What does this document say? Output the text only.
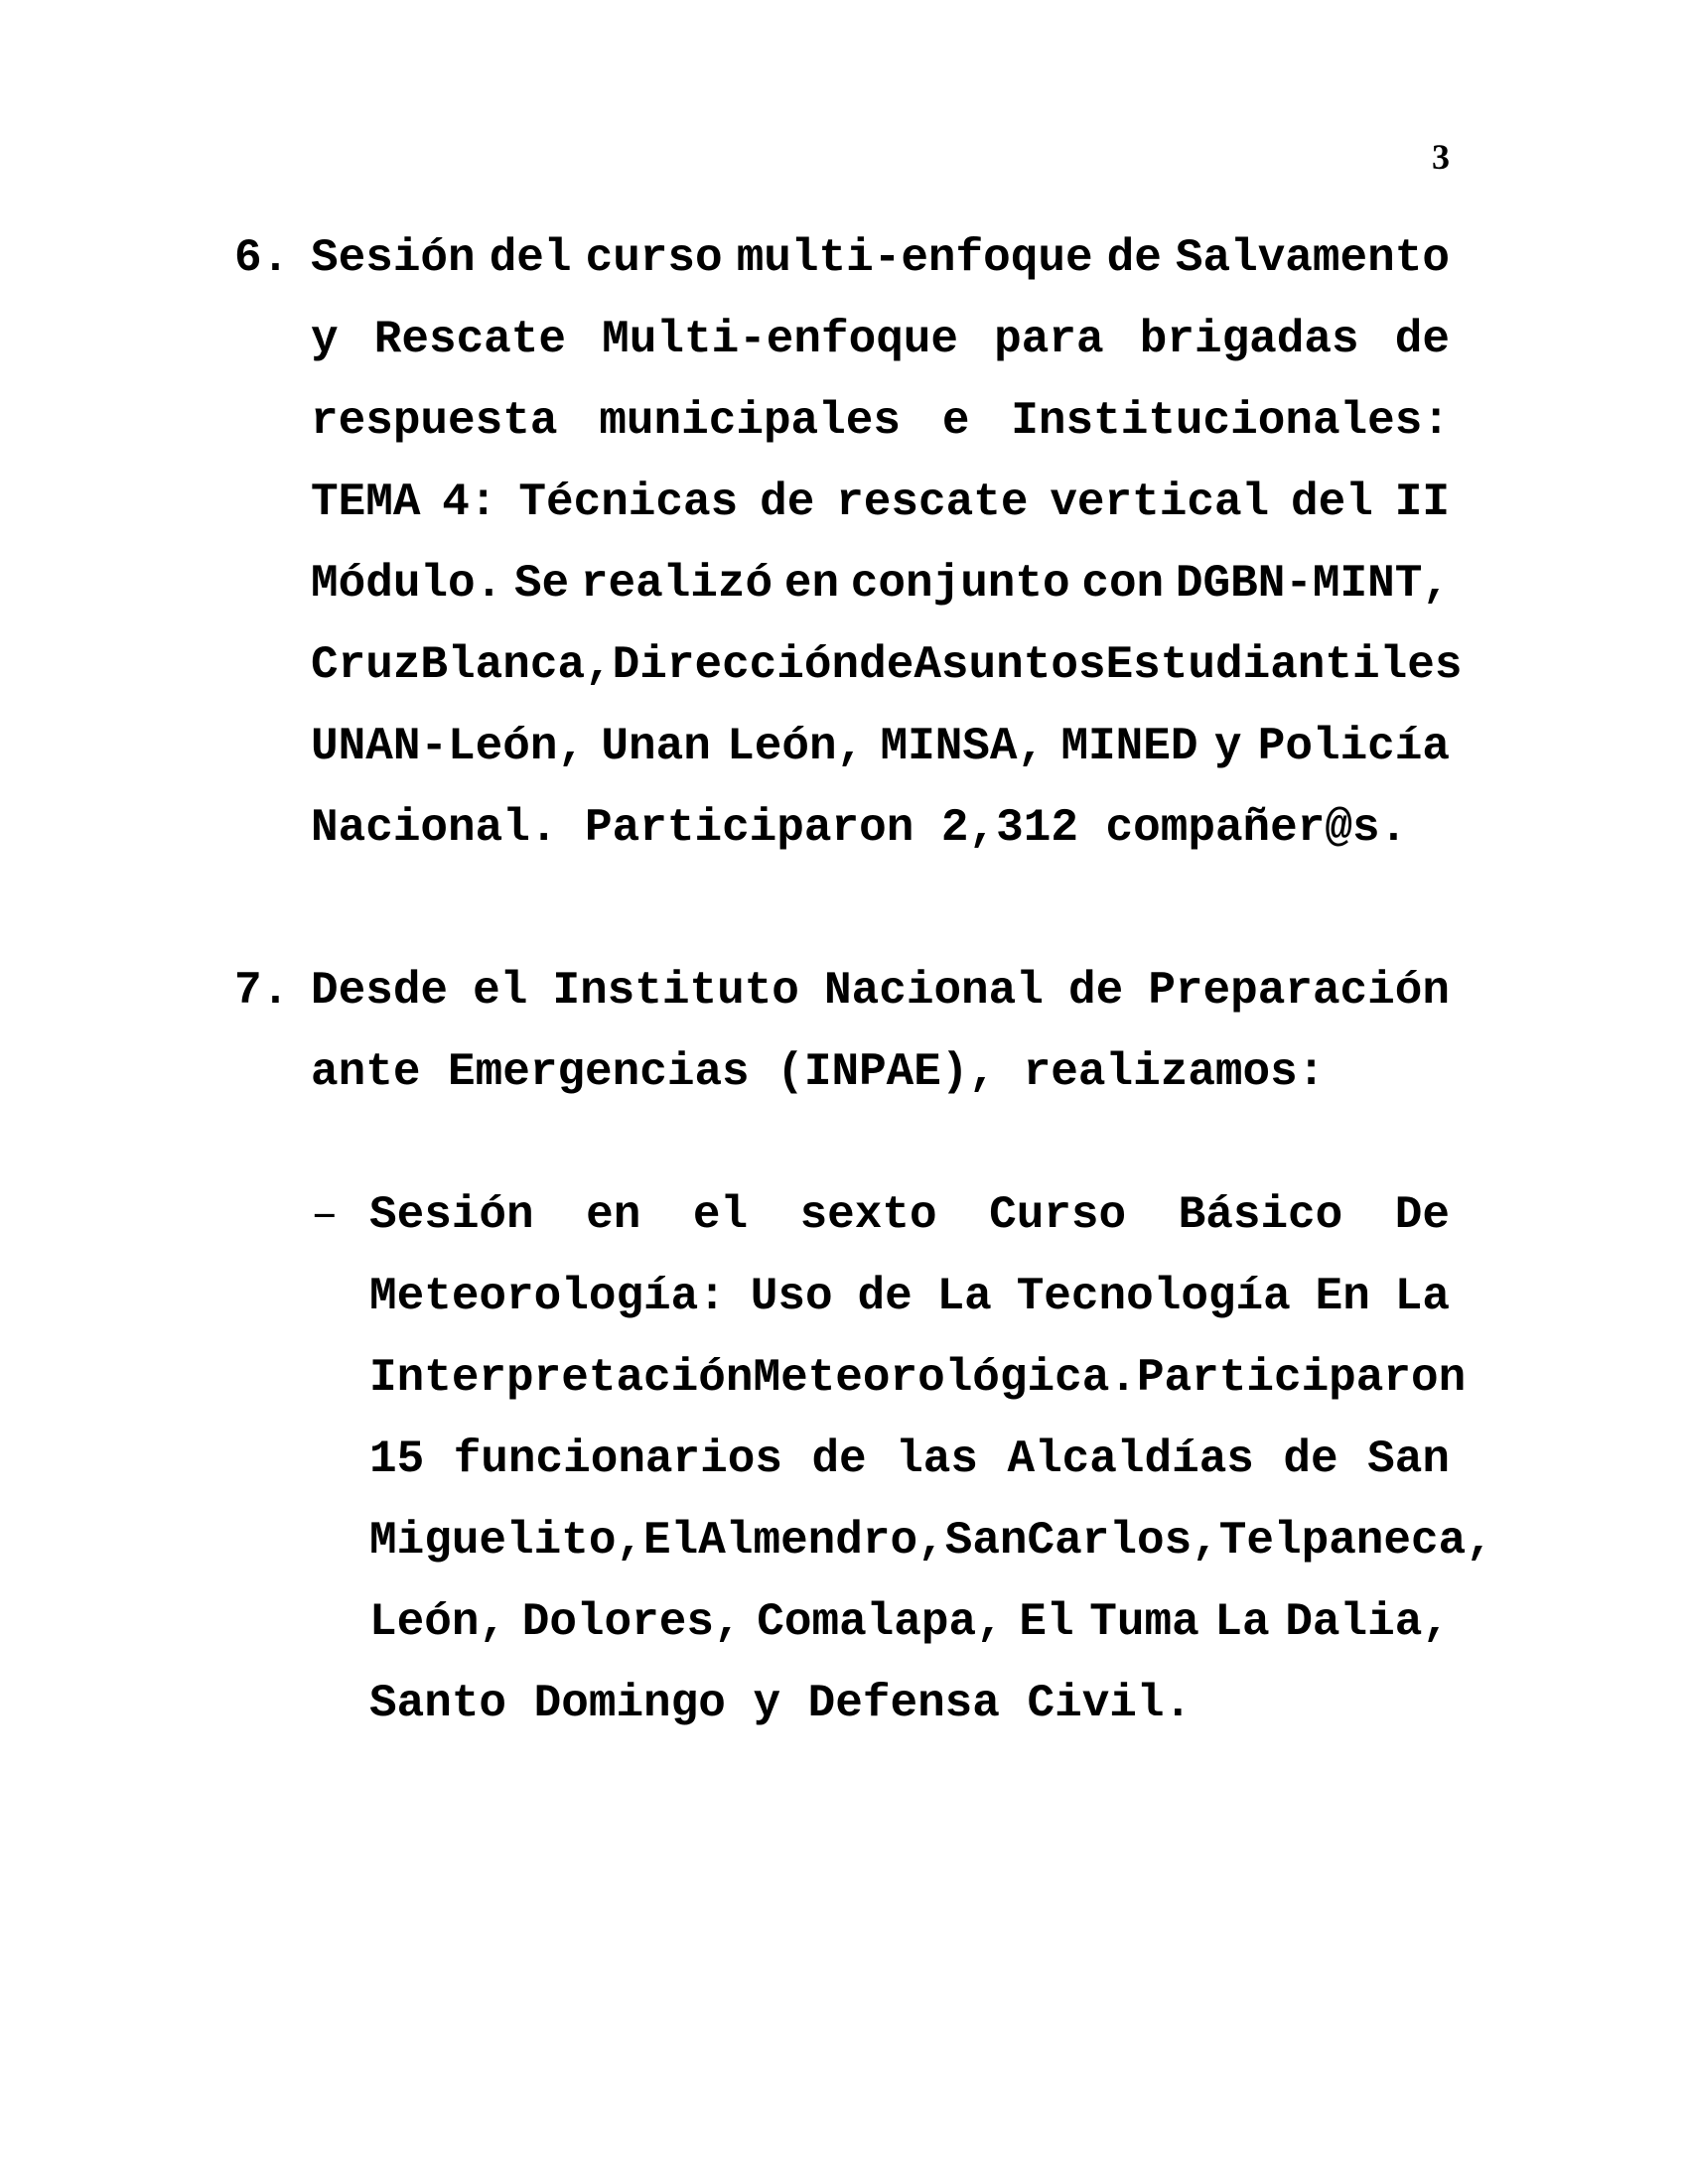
3
6. Sesión del curso multi-enfoque de Salvamento
y Rescate Multi-enfoque para brigadas de
respuesta municipales e Institucionales:
TEMA 4: Técnicas de rescate vertical del II
Módulo. Se realizó en conjunto con DGBN-MINT,
Cruz Blanca, Dirección de Asuntos Estudiantiles
UNAN-León, Unan León, MINSA, MINED y Policía
Nacional. Participaron 2,312 compañer@s.
7. Desde el Instituto Nacional de Preparación
ante Emergencias (INPAE), realizamos:
– Sesión en el sexto Curso Básico De
Meteorología: Uso de La Tecnología En La
Interpretación Meteorológica. Participaron
15 funcionarios de las Alcaldías de San
Miguelito, El Almendro, San Carlos, Telpaneca,
León, Dolores, Comalapa, El Tuma La Dalia,
Santo Domingo y Defensa Civil.
